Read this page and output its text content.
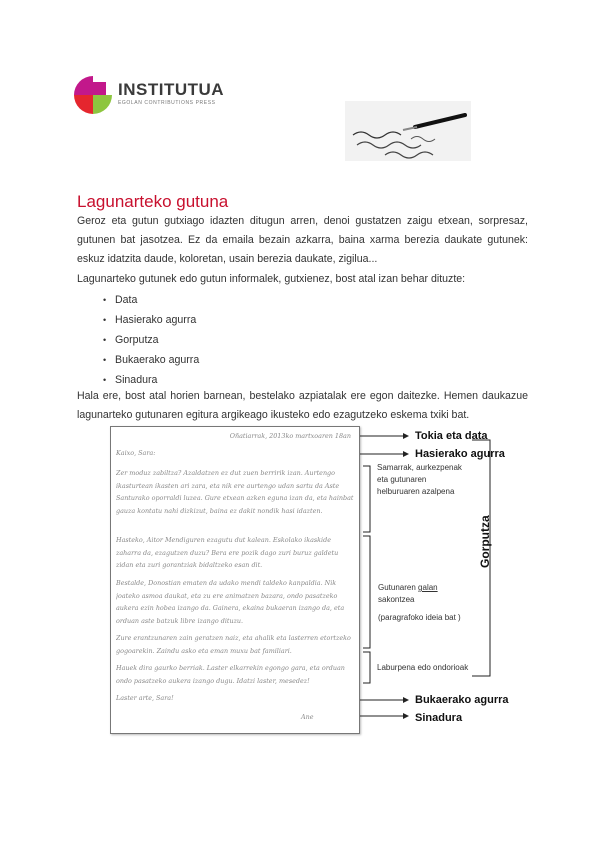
INSTITUTUA
EGOLAN CONTRIBUTIONS PRESS
Lagunarteko gutuna
Geroz eta gutun gutxiago idazten ditugun arren, denoi gustatzen zaigu etxean, sorpresaz, gutunen bat jasotzea. Ez da emaila bezain azkarra, baina xarma berezia daukate gutunek: eskuz idatzita daude, koloretan, usain berezia daukate, zigilua...
Lagunarteko gutunek edo gutun informalek, gutxienez, bost atal izan behar dituzte:
• Data
• Hasierako agurra
• Gorputza
• Bukaerako agurra
• Sinadura
Hala ere, bost atal horien barnean, bestelako azpiatalak ere egon daitezke. Hemen daukazue lagunarteko gutunaren egitura argikeago ikusteko edo ezagutzeko eskema txiki bat.
Oñatiarrak, 2013ko martxoaren 18an
Kaixo, Sara:
Zer moduz zabiltza? Azaldatzen ez dut zuen berririk izan. Aurtengo ikasturtean ikasten ari zara, eta nik ere aurtengo udan sartu da Aste Santurako oporraldi luzea. Gure etxean azken eguna izan da, eta hainbat gauza kontatu nahi dizkizut, baina ez dakit nondik hasi idazten.
Hasteko, Aitor Mendiguren ezagutu dut kalean. Eskolako ikaskide zaharra da, ezagutzen duzu? Bera ere pozik dago zuri buruz galdetu zidan eta zuri gorantziak bidaltzeko esan dit.
Bestalde, Donostian ematen da udako mendi taldeko kanpaldia. Nik joateko asmoa daukat, eta zu ere animatzen bazara, ondo pasatzeko aukera ezin hobea izango da. Gainera, ekaina bukaeran izango da, eta orduan aste batzuk libre izango dituzu.
Zure erantzunaren zain geratzen naiz, eta ahalik eta lasterren etortzeko gogoarekin. Zaindu asko eta eman muxu bat familiari.
Hauek dira gaurko berriak. Laster elkarrekin egongo gara, eta orduan ondo pasatzeko aukera izango dugu. Idatzi laster, mesedez!
Laster arte, Sara!
Ane
Tokia eta data
Hasierako agurra
Samarrak, aurkezpenak eta gutunaren helburuaren azalpena
Gutunaren galan
sakontzea
(paragrafoko ideia bat )
Laburpena edo ondorioak
Gorputza
Bukaerako agurra
Sinadura
